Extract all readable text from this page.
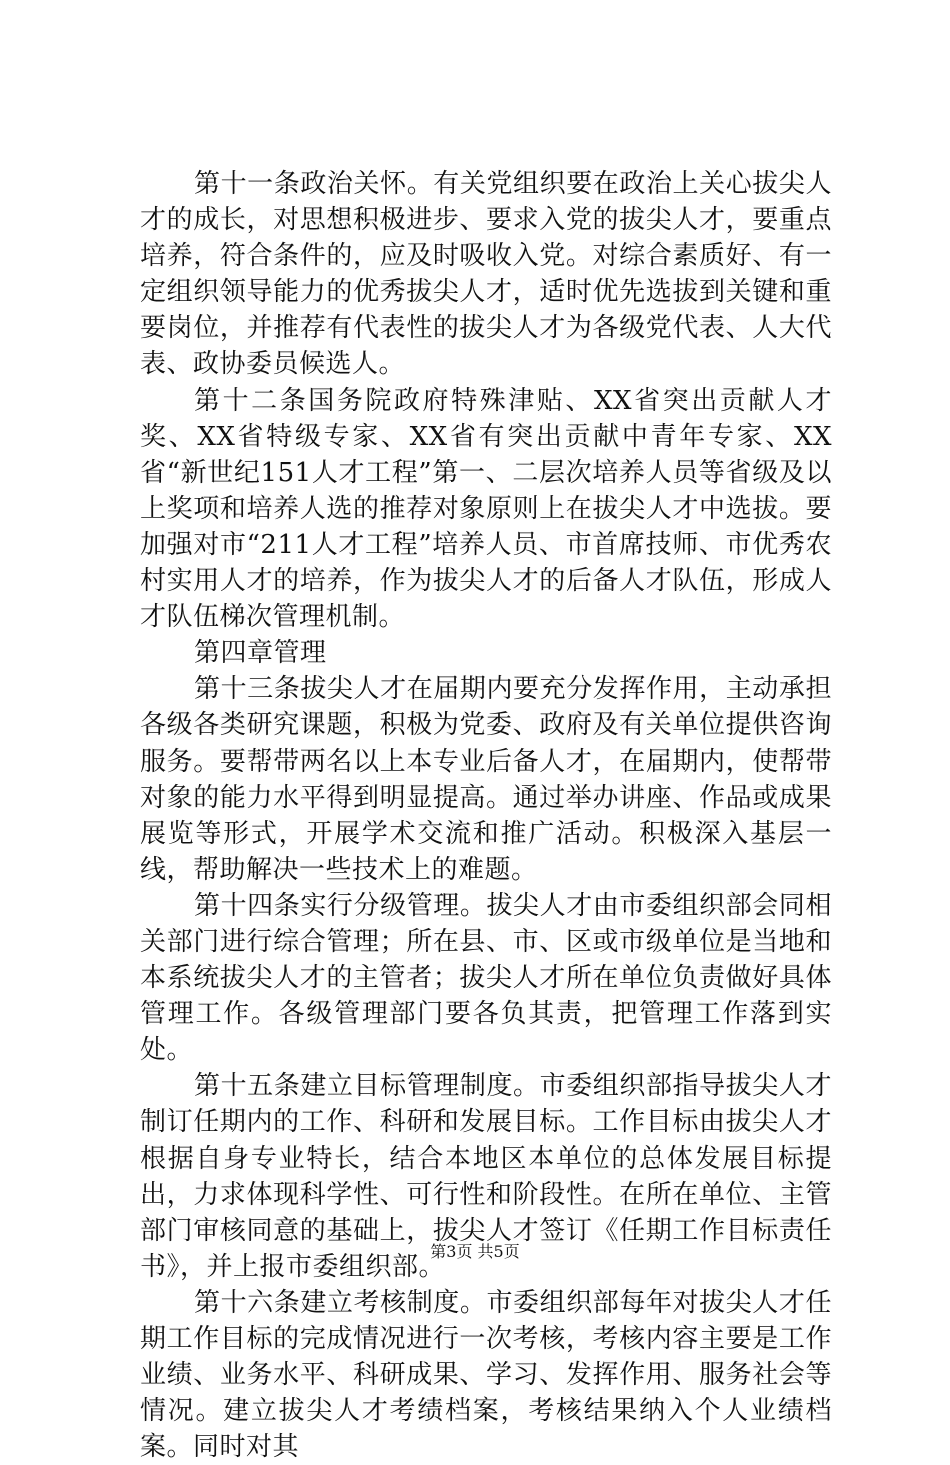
第十一条政治关怀。有关党组织要在政治上关心拔尖人才的成长，对思想积极进步、要求入党的拔尖人才，要重点培养，符合条件的，应及时吸收入党。对综合素质好、有一定组织领导能力的优秀拔尖人才，适时优先选拔到关键和重要岗位，并推荐有代表性的拔尖人才为各级党代表、人大代表、政协委员候选人。

第十二条国务院政府特殊津贴、XX省突出贡献人才奖、XX省特级专家、XX省有突出贡献中青年专家、XX省“新世纪151人才工程”第一、二层次培养人员等省级及以上奖项和培养人选的推荐对象原则上在拔尖人才中选拔。要加强对市“211人才工程”培养人员、市首席技师、市优秀农村实用人才的培养，作为拔尖人才的后备人才队伍，形成人才队伍梯次管理机制。

第四章管理

第十三条拔尖人才在届期内要充分发挥作用，主动承担各级各类研究课题，积极为党委、政府及有关单位提供咨询服务。要帮带两名以上本专业后备人才，在届期内，使帮带对象的能力水平得到明显提高。通过举办讲座、作品或成果展览等形式，开展学术交流和推广活动。积极深入基层一线，帮助解决一些技术上的难题。

第十四条实行分级管理。拔尖人才由市委组织部会同相关部门进行综合管理；所在县、市、区或市级单位是当地和本系统拔尖人才的主管者；拔尖人才所在单位负责做好具体管理工作。各级管理部门要各负其责，把管理工作落到实处。

第十五条建立目标管理制度。市委组织部指导拔尖人才制订任期内的工作、科研和发展目标。工作目标由拔尖人才根据自身专业特长，结合本地区本单位的总体发展目标提出，力求体现科学性、可行性和阶段性。在所在单位、主管部门审核同意的基础上，拔尖人才签订《任期工作目标责任书》，并上报市委组织部。

第十六条建立考核制度。市委组织部每年对拔尖人才任期工作目标的完成情况进行一次考核，考核内容主要是工作业绩、业务水平、科研成果、学习、发挥作用、服务社会等情况。建立拔尖人才考绩档案，考核结果纳入个人业绩档案。同时对其

第3页 共5页
